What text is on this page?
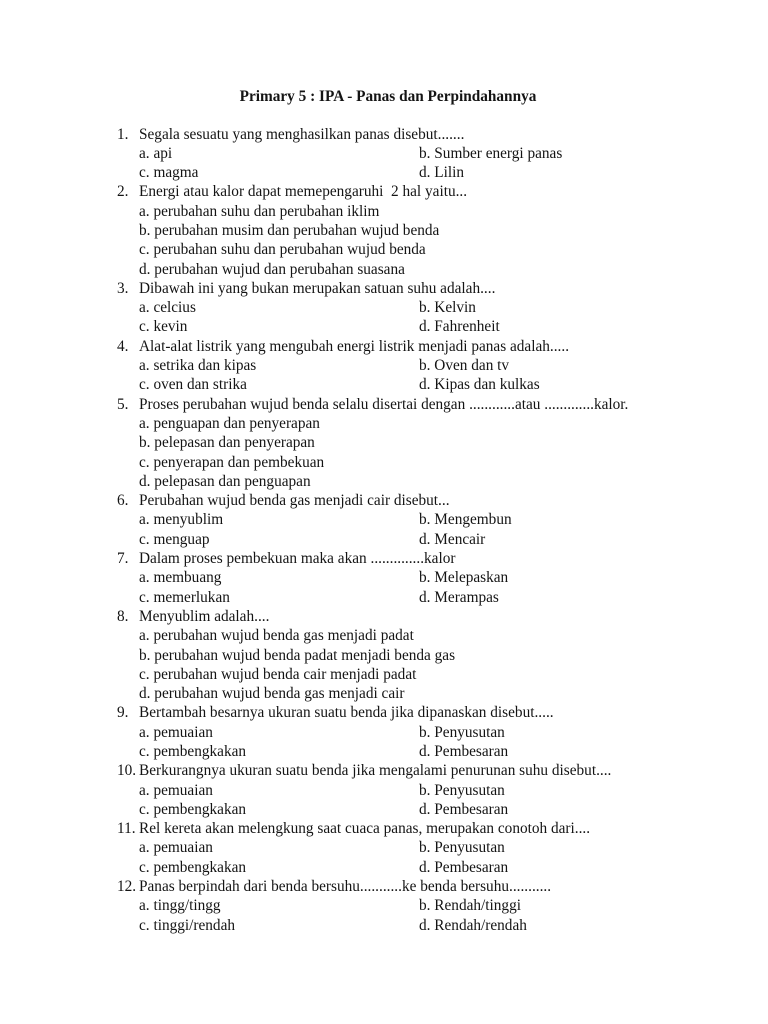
Primary 5 : IPA - Panas dan Perpindahannya
1. Segala sesuatu yang menghasilkan panas disebut.......
a. api	b. Sumber energi panas
c. magma	d. Lilin
2. Energi atau kalor dapat memepengaruhi  2 hal yaitu...
a. perubahan suhu dan perubahan iklim
b. perubahan musim dan perubahan wujud benda
c. perubahan suhu dan perubahan wujud benda
d. perubahan wujud dan perubahan suasana
3. Dibawah ini yang bukan merupakan satuan suhu adalah....
a. celcius	b. Kelvin
c. kevin	d. Fahrenheit
4. Alat-alat listrik yang mengubah energi listrik menjadi panas adalah.....
a. setrika dan kipas	b. Oven dan tv
c. oven dan strika	d. Kipas dan kulkas
5. Proses perubahan wujud benda selalu disertai dengan ............atau .............kalor.
a. penguapan dan penyerapan
b. pelepasan dan penyerapan
c. penyerapan dan pembekuan
d. pelepasan dan penguapan
6. Perubahan wujud benda gas menjadi cair disebut...
a. menyublim	b. Mengembun
c. menguap	d. Mencair
7. Dalam proses pembekuan maka akan ..............kalor
a. membuang	b. Melepaskan
c. memerlukan	d. Merampas
8. Menyublim adalah....
a. perubahan wujud benda gas menjadi padat
b. perubahan wujud benda padat menjadi benda gas
c. perubahan wujud benda cair menjadi padat
d. perubahan wujud benda gas menjadi cair
9. Bertambah besarnya ukuran suatu benda jika dipanaskan disebut.....
a. pemuaian	b. Penyusutan
c. pembengkakan	d. Pembesaran
10. Berkurangnya ukuran suatu benda jika mengalami penurunan suhu disebut....
a. pemuaian	b. Penyusutan
c. pembengkakan	d. Pembesaran
11. Rel kereta akan melengkung saat cuaca panas, merupakan conotoh dari....
a. pemuaian	b. Penyusutan
c. pembengkakan	d. Pembesaran
12. Panas berpindah dari benda bersuhu...........ke benda bersuhu...........
a. tingg/tingg	b. Rendah/tinggi
c. tinggi/rendah	d. Rendah/rendah
